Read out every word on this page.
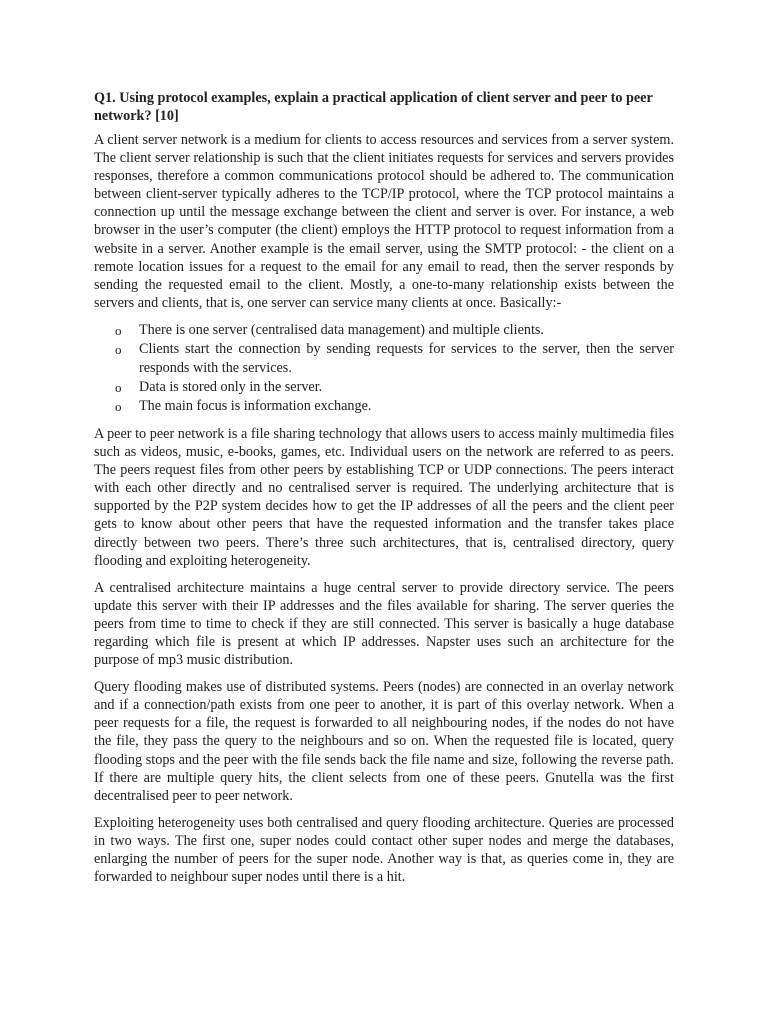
Q1. Using protocol examples, explain a practical application of client server and peer to peer network? [10]

A client server network is a medium for clients to access resources and services from a server system. The client server relationship is such that the client initiates requests for services and servers provides responses, therefore a common communications protocol should be adhered to. The communication between client-server typically adheres to the TCP/IP protocol, where the TCP protocol maintains a connection up until the message exchange between the client and server is over. For instance, a web browser in the user’s computer (the client) employs the HTTP protocol to request information from a website in a server. Another example is the email server, using the SMTP protocol: - the client on a remote location issues for a request to the email for any email to read, then the server responds by sending the requested email to the client. Mostly, a one-to-many relationship exists between the servers and clients, that is, one server can service many clients at once. Basically:-

o There is one server (centralised data management) and multiple clients.
o Clients start the connection by sending requests for services to the server, then the server responds with the services.
o Data is stored only in the server.
o The main focus is information exchange.

A peer to peer network is a file sharing technology that allows users to access mainly multimedia files such as videos, music, e-books, games, etc. Individual users on the network are referred to as peers. The peers request files from other peers by establishing TCP or UDP connections. The peers interact with each other directly and no centralised server is required. The underlying architecture that is supported by the P2P system decides how to get the IP addresses of all the peers and the client peer gets to know about other peers that have the requested information and the transfer takes place directly between two peers. There’s three such architectures, that is, centralised directory, query flooding and exploiting heterogeneity.

A centralised architecture maintains a huge central server to provide directory service. The peers update this server with their IP addresses and the files available for sharing. The server queries the peers from time to time to check if they are still connected. This server is basically a huge database regarding which file is present at which IP addresses. Napster uses such an architecture for the purpose of mp3 music distribution.

Query flooding makes use of distributed systems. Peers (nodes) are connected in an overlay network and if a connection/path exists from one peer to another, it is part of this overlay network. When a peer requests for a file, the request is forwarded to all neighbouring nodes, if the nodes do not have the file, they pass the query to the neighbours and so on. When the requested file is located, query flooding stops and the peer with the file sends back the file name and size, following the reverse path. If there are multiple query hits, the client selects from one of these peers. Gnutella was the first decentralised peer to peer network.

Exploiting heterogeneity uses both centralised and query flooding architecture. Queries are processed in two ways. The first one, super nodes could contact other super nodes and merge the databases, enlarging the number of peers for the super node. Another way is that, as queries come in, they are forwarded to neighbour super nodes until there is a hit.
